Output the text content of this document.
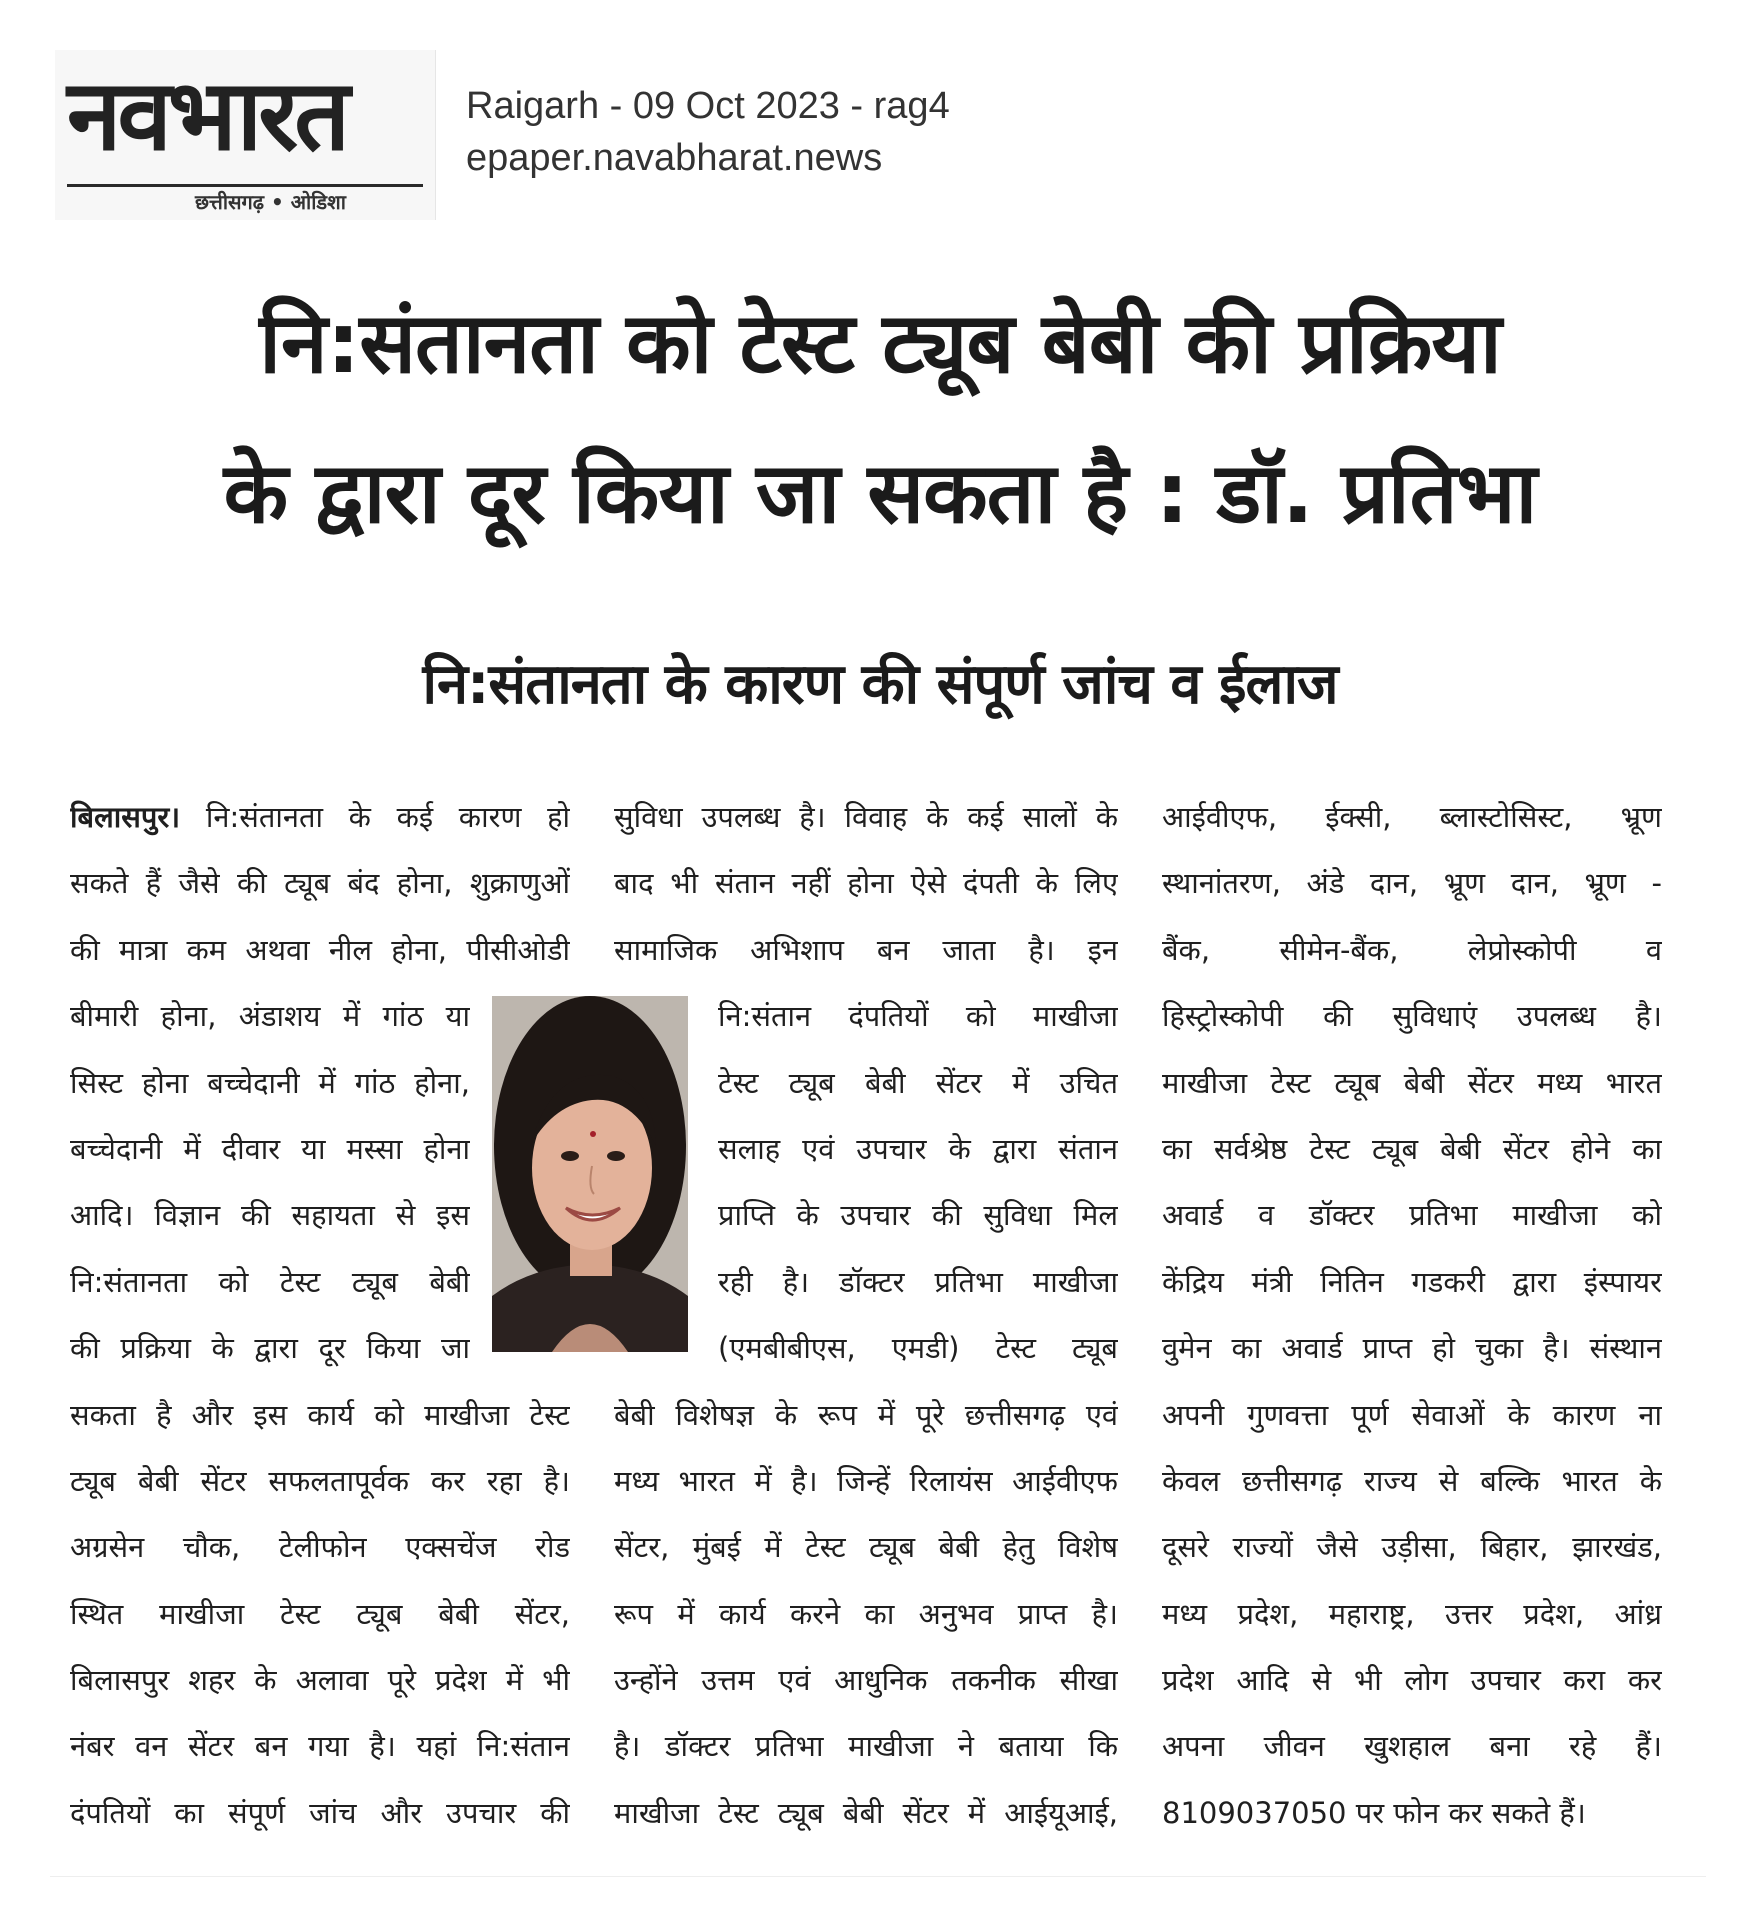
नवभारत
छत्तीसगढ़ • ओडिशा
Raigarh - 09 Oct 2023 - rag4
epaper.navabharat.news
नि:संतानता को टेस्ट ट्यूब बेबी की प्रक्रिया
के द्वारा दूर किया जा सकता है : डॉ. प्रतिभा
नि:संतानता के कारण की संपूर्ण जांच व ईलाज
बिलासपुर। नि:संतानता के कई कारण हो
सकते हैं जैसे की ट्यूब बंद होना, शुक्राणुओं
की मात्रा कम अथवा नील होना, पीसीओडी
बीमारी होना, अंडाशय में गांठ या
सिस्ट होना बच्चेदानी में गांठ होना,
बच्चेदानी में दीवार या मस्सा होना
आदि। विज्ञान की सहायता से इस
नि:संतानता को टेस्ट ट्यूब बेबी
की प्रक्रिया के द्वारा दूर किया जा
सकता है और इस कार्य को माखीजा टेस्ट
ट्यूब बेबी सेंटर सफलतापूर्वक कर रहा है।
अग्रसेन चौक, टेलीफोन एक्सचेंज रोड
स्थित माखीजा टेस्ट ट्यूब बेबी सेंटर,
बिलासपुर शहर के अलावा पूरे प्रदेश में भी
नंबर वन सेंटर बन गया है। यहां नि:संतान
दंपतियों का संपूर्ण जांच और उपचार की
सुविधा उपलब्ध है। विवाह के कई सालों के
बाद भी संतान नहीं होना ऐसे दंपती के लिए
सामाजिक अभिशाप बन जाता है। इन
नि:संतान दंपतियों को माखीजा
टेस्ट ट्यूब बेबी सेंटर में उचित
सलाह एवं उपचार के द्वारा संतान
प्राप्ति के उपचार की सुविधा मिल
रही है। डॉक्टर प्रतिभा माखीजा
(एमबीबीएस, एमडी) टेस्ट ट्यूब
बेबी विशेषज्ञ के रूप में पूरे छत्तीसगढ़ एवं
मध्य भारत में है। जिन्हें रिलायंस आईवीएफ
सेंटर, मुंबई में टेस्ट ट्यूब बेबी हेतु विशेष
रूप में कार्य करने का अनुभव प्राप्त है।
उन्होंने उत्तम एवं आधुनिक तकनीक सीखा
है। डॉक्टर प्रतिभा माखीजा ने बताया कि
माखीजा टेस्ट ट्यूब बेबी सेंटर में आईयूआई,
आईवीएफ, ईक्सी, ब्लास्टोसिस्ट, भ्रूण
स्थानांतरण, अंडे दान, भ्रूण दान, भ्रूण -
बैंक, सीमेन-बैंक, लेप्रोस्कोपी व
हिस्ट्रोस्कोपी की सुविधाएं उपलब्ध है।
माखीजा टेस्ट ट्यूब बेबी सेंटर मध्य भारत
का सर्वश्रेष्ठ टेस्ट ट्यूब बेबी सेंटर होने का
अवार्ड व डॉक्टर प्रतिभा माखीजा को
केंद्रिय मंत्री नितिन गडकरी द्वारा इंस्पायर
वुमेन का अवार्ड प्राप्त हो चुका है। संस्थान
अपनी गुणवत्ता पूर्ण सेवाओं के कारण ना
केवल छत्तीसगढ़ राज्य से बल्कि भारत के
दूसरे राज्यों जैसे उड़ीसा, बिहार, झारखंड,
मध्य प्रदेश, महाराष्ट्र, उत्तर प्रदेश, आंध्र
प्रदेश आदि से भी लोग उपचार करा कर
अपना जीवन खुशहाल बना रहे हैं।
8109037050 पर फोन कर सकते हैं।
